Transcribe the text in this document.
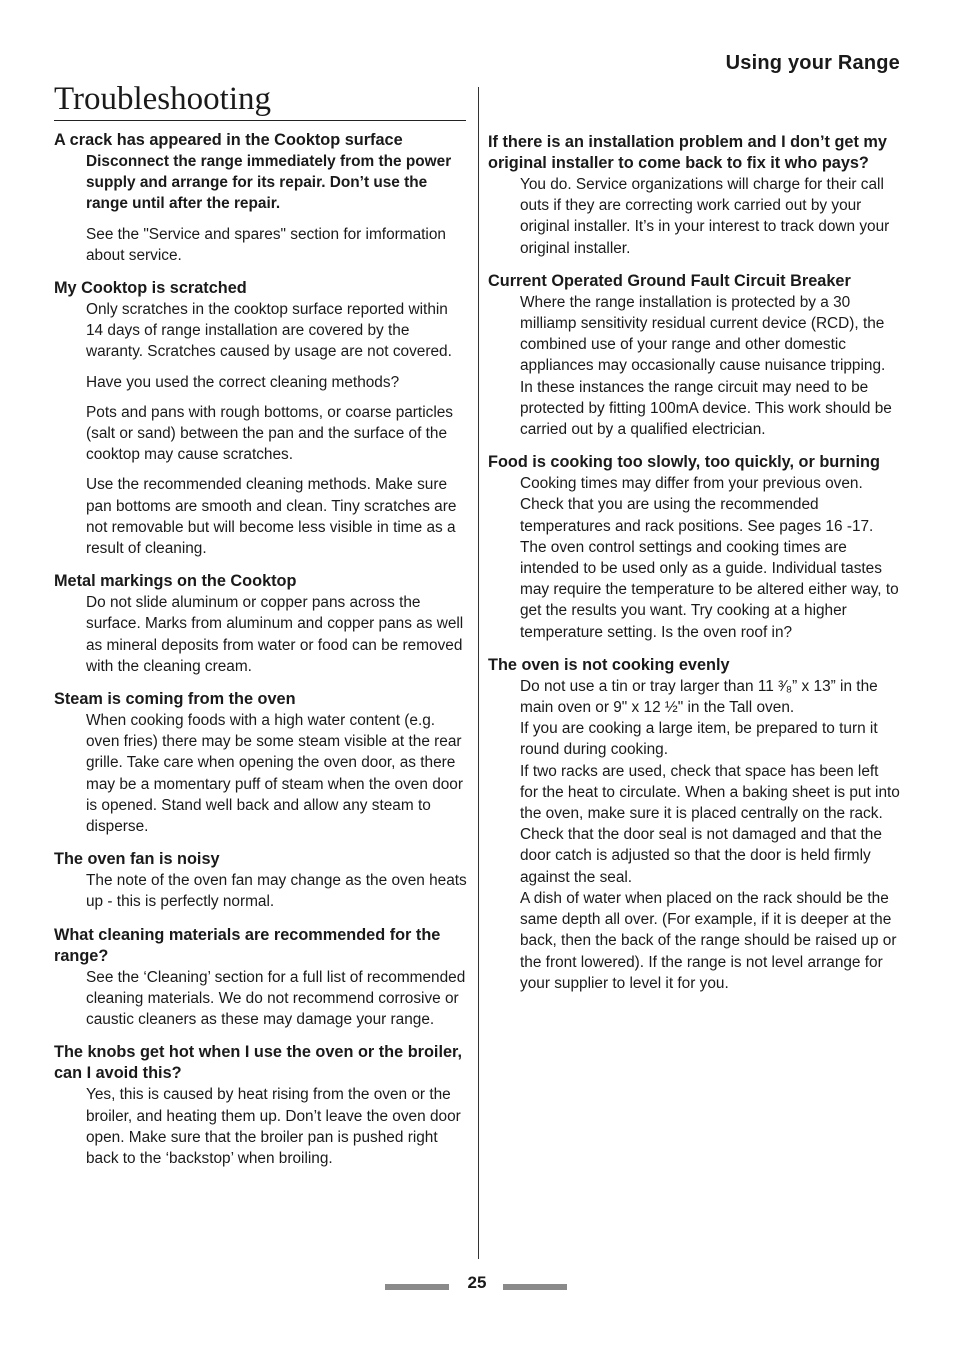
Using your Range
Troubleshooting

A crack has appeared in the Cooktop surface

Disconnect the range immediately from the power supply and arrange for its repair. Don’t use the range until after the repair.

See the "Service and spares" section for imformation about service.

My Cooktop is scratched

Only scratches in the cooktop surface reported within 14 days of range installation are covered by the waranty. Scratches caused by usage are not covered.

Have you used the correct cleaning methods?

Pots and pans with rough bottoms, or coarse particles (salt or sand) between the pan and the surface of the cooktop may cause scratches.

Use the recommended cleaning methods. Make sure pan bottoms are smooth and clean. Tiny scratches are not removable but will become less visible in time as a result of cleaning.

Metal markings on the Cooktop

Do not slide aluminum or copper pans across the surface. Marks from aluminum and copper pans as well as mineral deposits from water or food can be removed with the cleaning cream.

Steam is coming from the oven

When cooking foods with a high water content (e.g. oven fries) there may be some steam visible at the rear grille. Take care when opening the oven door, as there may be a momentary puff of steam when the oven door is opened. Stand well back and allow any steam to disperse.

The oven fan is noisy

The note of the oven fan may change as the oven heats up - this is perfectly normal.

What cleaning materials are recommended for the range?

See the ‘Cleaning’ section for a full list of recommended cleaning materials. We do not recommend corrosive or caustic cleaners as these may damage your range.

The knobs get hot when I use the oven or the broiler, can I avoid this?

Yes, this is caused by heat rising from the oven or the broiler, and heating them up. Don’t leave the oven door open. Make sure that the broiler pan is pushed right back to the ‘backstop’ when broiling.

If there is an installation problem and I don’t get my original installer to come back to fix it who pays?

You do. Service organizations will charge for their call outs if they are correcting work carried out by your original installer. It’s in your interest to track down your original installer.

Current Operated Ground Fault Circuit Breaker

Where the range installation is protected by a 30 milliamp sensitivity residual current device (RCD), the combined use of your range and other domestic appliances may occasionally cause nuisance tripping. In these instances the range circuit may need to be protected by fitting 100mA device. This work should be carried out by a qualified electrician.

Food is cooking too slowly, too quickly, or burning

Cooking times may differ from your previous oven. Check that you are using the recommended temperatures and rack positions. See pages 16 -17. The oven control settings and cooking times are intended to be used only as a guide. Individual tastes may require the temperature to be altered either way, to get the results you want. Try cooking at a higher temperature setting. Is the oven roof in?

The oven is not cooking evenly

Do not use a tin or tray larger than 11 ³⁄₈” x 13” in the main oven or 9" x 12 ½" in the Tall oven.

If you are cooking a large item, be prepared to turn it round during cooking.

If two racks are used, check that space has been left for the heat to circulate. When a baking sheet is put into the oven, make sure it is placed centrally on the rack.

Check that the door seal is not damaged and that the door catch is adjusted so that the door is held firmly against the seal.

A dish of water when placed on the rack should be the same depth all over. (For example, if it is deeper at the back, then the back of the range should be raised up or the front lowered). If the range is not level arrange for your supplier to level it for you.

25
